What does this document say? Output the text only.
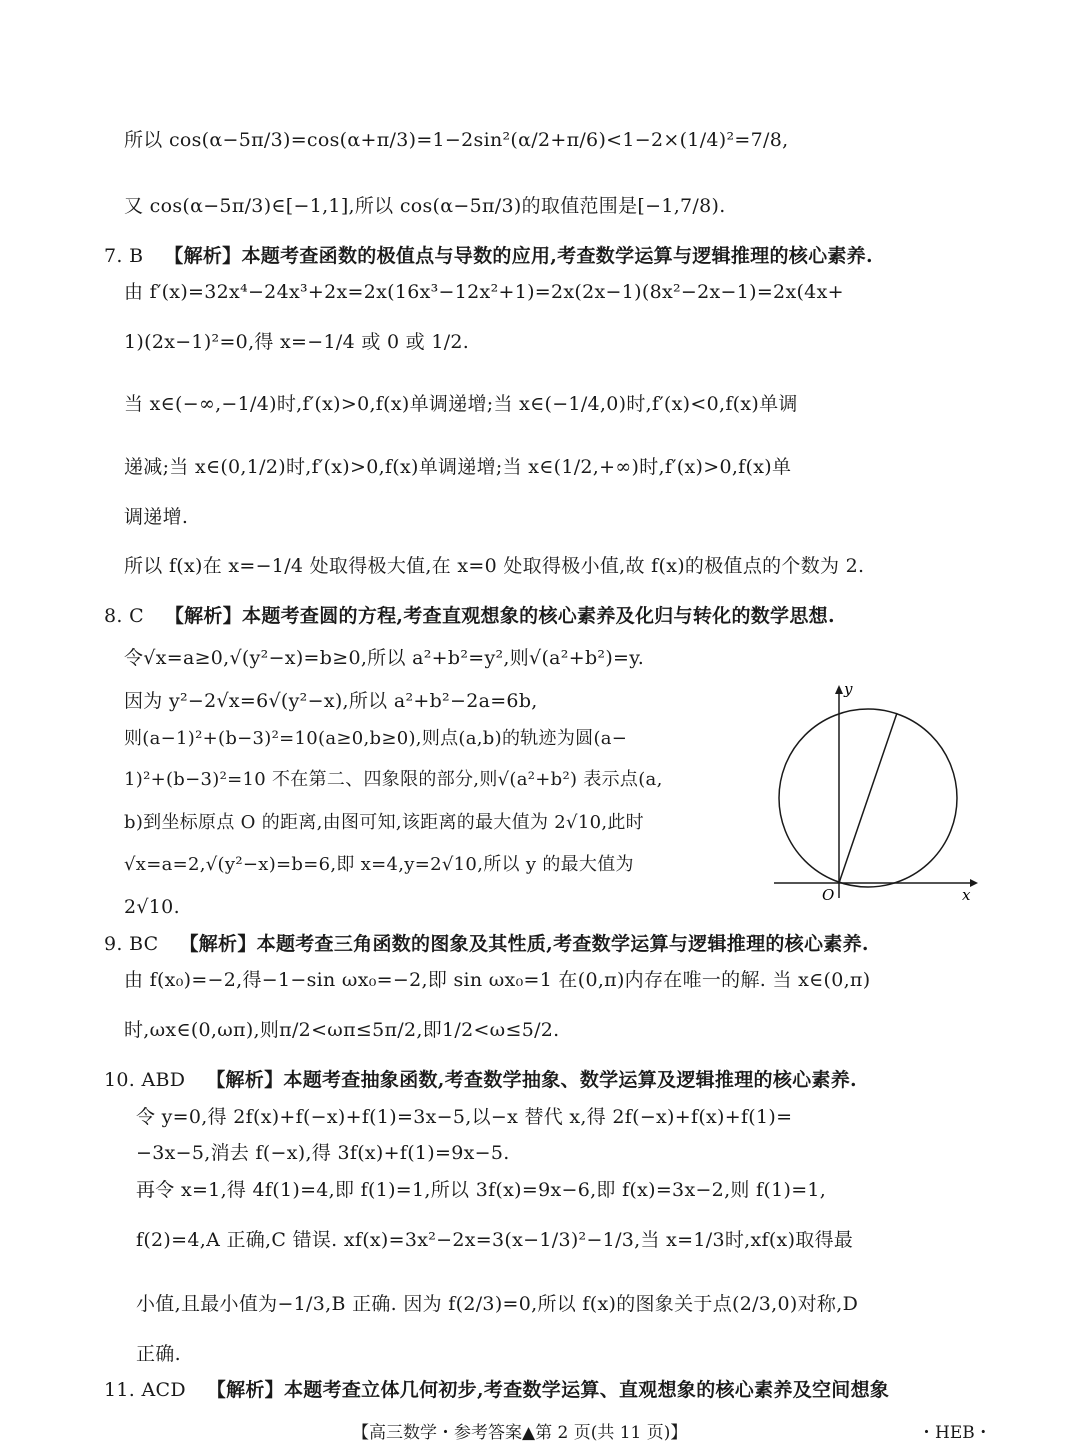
所以 cos(α−5π/3)=cos(α+π/3)=1−2sin²(α/2+π/6)<1−2×(1/4)²=7/8,
又 cos(α−5π/3)∈[−1,1],所以 cos(α−5π/3)的取值范围是[−1,7/8).
7. B 【解析】本题考查函数的极值点与导数的应用,考查数学运算与逻辑推理的核心素养.
由 f′(x)=32x⁴−24x³+2x=2x(16x³−12x²+1)=2x(2x−1)(8x²−2x−1)=2x(4x+
1)(2x−1)²=0,得 x=−1/4 或 0 或 1/2.
当 x∈(−∞,−1/4)时,f′(x)>0,f(x)单调递增;当 x∈(−1/4,0)时,f′(x)<0,f(x)单调
递减;当 x∈(0,1/2)时,f′(x)>0,f(x)单调递增;当 x∈(1/2,+∞)时,f′(x)>0,f(x)单
调递增.
所以 f(x)在 x=−1/4 处取得极大值,在 x=0 处取得极小值,故 f(x)的极值点的个数为 2.
8. C 【解析】本题考查圆的方程,考查直观想象的核心素养及化归与转化的数学思想.
令√x=a≥0,√(y²−x)=b≥0,所以 a²+b²=y²,则√(a²+b²)=y.
因为 y²−2√x=6√(y²−x),所以 a²+b²−2a=6b,
则(a−1)²+(b−3)²=10(a≥0,b≥0),则点(a,b)的轨迹为圆(a−
1)²+(b−3)²=10 不在第二、四象限的部分,则√(a²+b²) 表示点(a,
b)到坐标原点 O 的距离,由图可知,该距离的最大值为 2√10,此时
√x=a=2,√(y²−x)=b=6,即 x=4,y=2√10,所以 y 的最大值为
2√10.
y
x
O
9. BC 【解析】本题考查三角函数的图象及其性质,考查数学运算与逻辑推理的核心素养.
由 f(x₀)=−2,得−1−sin ωx₀=−2,即 sin ωx₀=1 在(0,π)内存在唯一的解. 当 x∈(0,π)
时,ωx∈(0,ωπ),则π/2<ωπ≤5π/2,即1/2<ω≤5/2.
10. ABD 【解析】本题考查抽象函数,考查数学抽象、数学运算及逻辑推理的核心素养.
令 y=0,得 2f(x)+f(−x)+f(1)=3x−5,以−x 替代 x,得 2f(−x)+f(x)+f(1)=
−3x−5,消去 f(−x),得 3f(x)+f(1)=9x−5.
再令 x=1,得 4f(1)=4,即 f(1)=1,所以 3f(x)=9x−6,即 f(x)=3x−2,则 f(1)=1,
f(2)=4,A 正确,C 错误. xf(x)=3x²−2x=3(x−1/3)²−1/3,当 x=1/3时,xf(x)取得最
小值,且最小值为−1/3,B 正确. 因为 f(2/3)=0,所以 f(x)的图象关于点(2/3,0)对称,D
正确.
11. ACD 【解析】本题考查立体几何初步,考查数学运算、直观想象的核心素养及空间想象
【高三数学・参考答案▲第 2 页(共 11 页)】	・HEB・
